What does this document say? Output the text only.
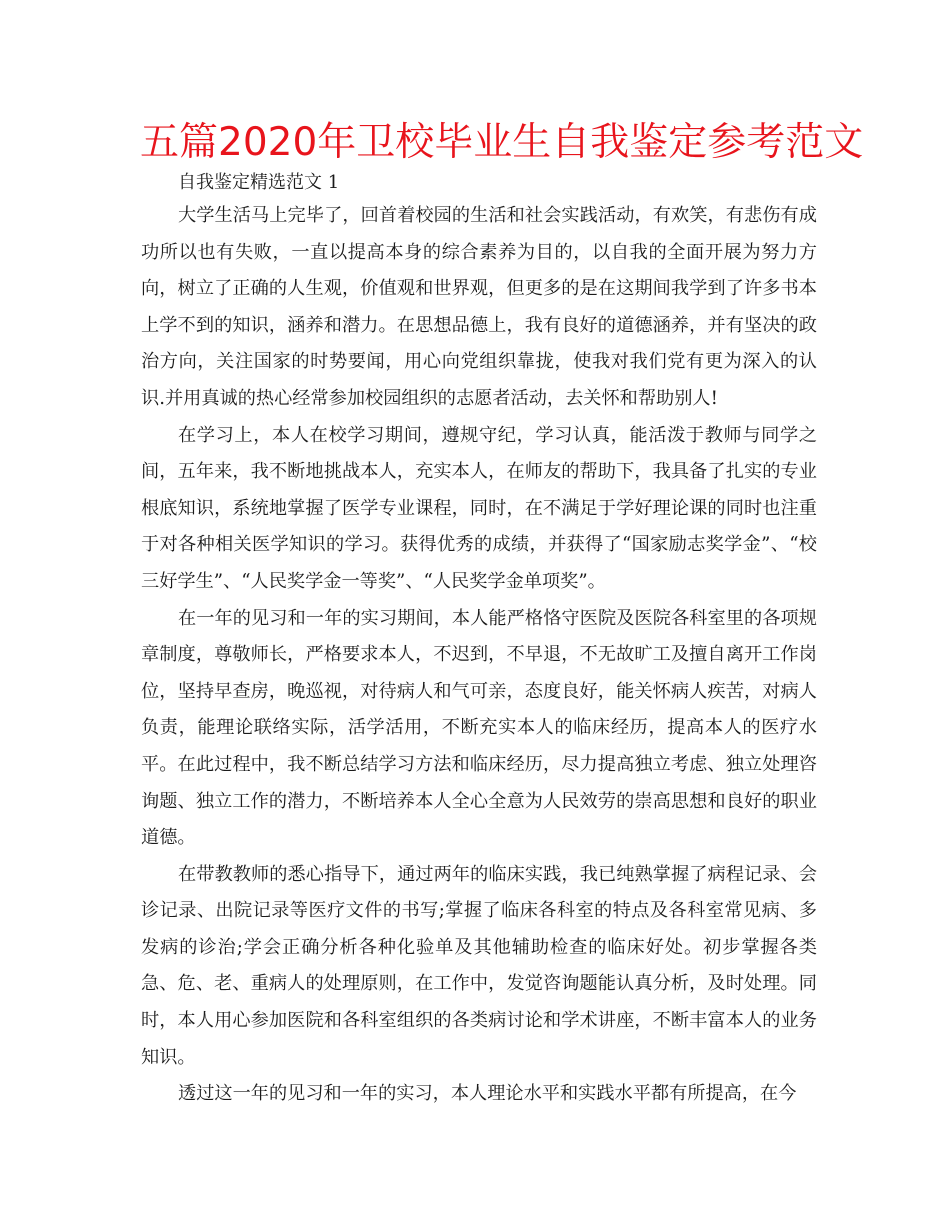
五篇2020年卫校毕业生自我鉴定参考范文
自我鉴定精选范文 1

大学生活马上完毕了，回首着校园的生活和社会实践活动，有欢笑，有悲伤有成功所以也有失败，一直以提高本身的综合素养为目的，以自我的全面开展为努力方向，树立了正确的人生观，价值观和世界观，但更多的是在这期间我学到了许多书本上学不到的知识，涵养和潜力。在思想品德上，我有良好的道德涵养，并有坚决的政治方向，关注国家的时势要闻，用心向党组织靠拢，使我对我们党有更为深入的认识.并用真诚的热心经常参加校园组织的志愿者活动，去关怀和帮助别人!

在学习上，本人在校学习期间，遵规守纪，学习认真，能活泼于教师与同学之间，五年来，我不断地挑战本人，充实本人，在师友的帮助下，我具备了扎实的专业根底知识，系统地掌握了医学专业课程，同时，在不满足于学好理论课的同时也注重于对各种相关医学知识的学习。获得优秀的成绩，并获得了“国家励志奖学金”、“校三好学生”、“人民奖学金一等奖”、“人民奖学金单项奖”。

在一年的见习和一年的实习期间，本人能严格恪守医院及医院各科室里的各项规章制度，尊敬师长，严格要求本人，不迟到，不早退，不无故旷工及擅自离开工作岗位，坚持早查房，晚巡视，对待病人和气可亲，态度良好，能关怀病人疾苦，对病人负责，能理论联络实际，活学活用，不断充实本人的临床经历，提高本人的医疗水平。在此过程中，我不断总结学习方法和临床经历，尽力提高独立考虑、独立处理咨询题、独立工作的潜力，不断培养本人全心全意为人民效劳的崇高思想和良好的职业道德。

在带教教师的悉心指导下，通过两年的临床实践，我已纯熟掌握了病程记录、会诊记录、出院记录等医疗文件的书写;掌握了临床各科室的特点及各科室常见病、多发病的诊治;学会正确分析各种化验单及其他辅助检查的临床好处。初步掌握各类急、危、老、重病人的处理原则，在工作中，发觉咨询题能认真分析，及时处理。同时，本人用心参加医院和各科室组织的各类病讨论和学术讲座，不断丰富本人的业务知识。

透过这一年的见习和一年的实习，本人理论水平和实践水平都有所提高，在今
